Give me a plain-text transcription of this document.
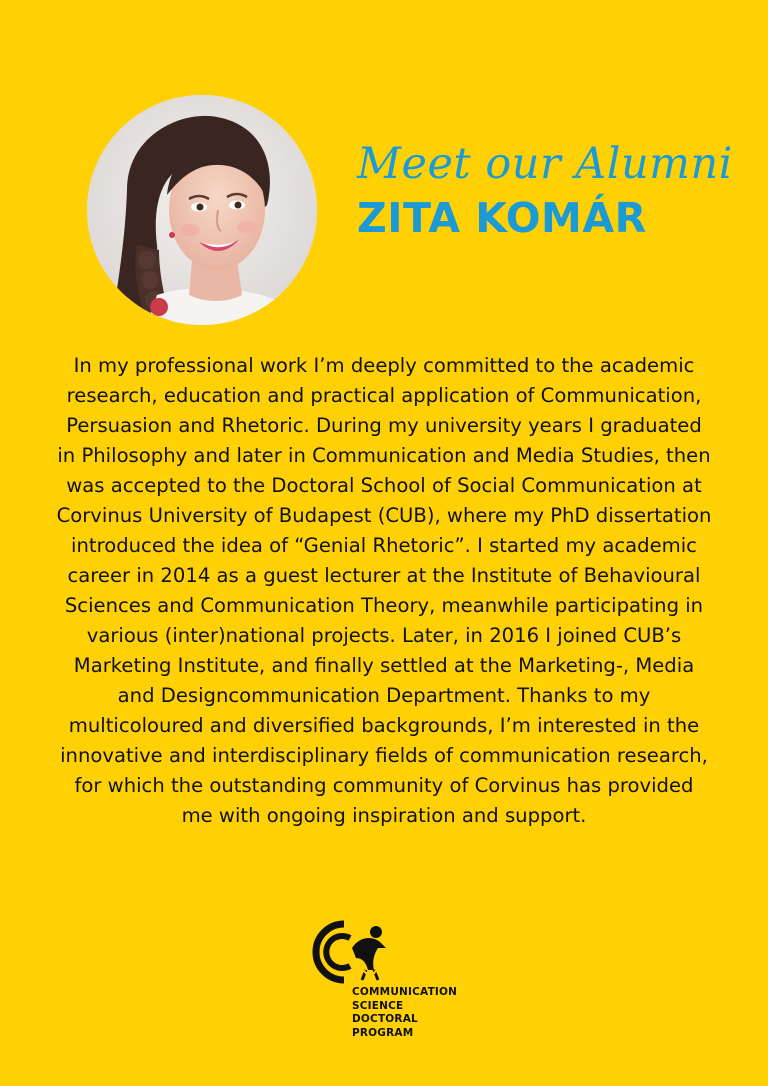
Meet our Alumni
ZITA KOMÁR

In my professional work I’m deeply committed to the academic research, education and practical application of Communication, Persuasion and Rhetoric. During my university years I graduated in Philosophy and later in Communication and Media Studies, then was accepted to the Doctoral School of Social Communication at Corvinus University of Budapest (CUB), where my PhD dissertation introduced the idea of “Genial Rhetoric”. I started my academic career in 2014 as a guest lecturer at the Institute of Behavioural Sciences and Communication Theory, meanwhile participating in various (inter)national projects. Later, in 2016 I joined CUB’s Marketing Institute, and finally settled at the Marketing-, Media and Designcommunication Department. Thanks to my multicoloured and diversified backgrounds, I’m interested in the innovative and interdisciplinary fields of communication research, for which the outstanding community of Corvinus has provided me with ongoing inspiration and support.

COMMUNICATION
SCIENCE
DOCTORAL
PROGRAM
